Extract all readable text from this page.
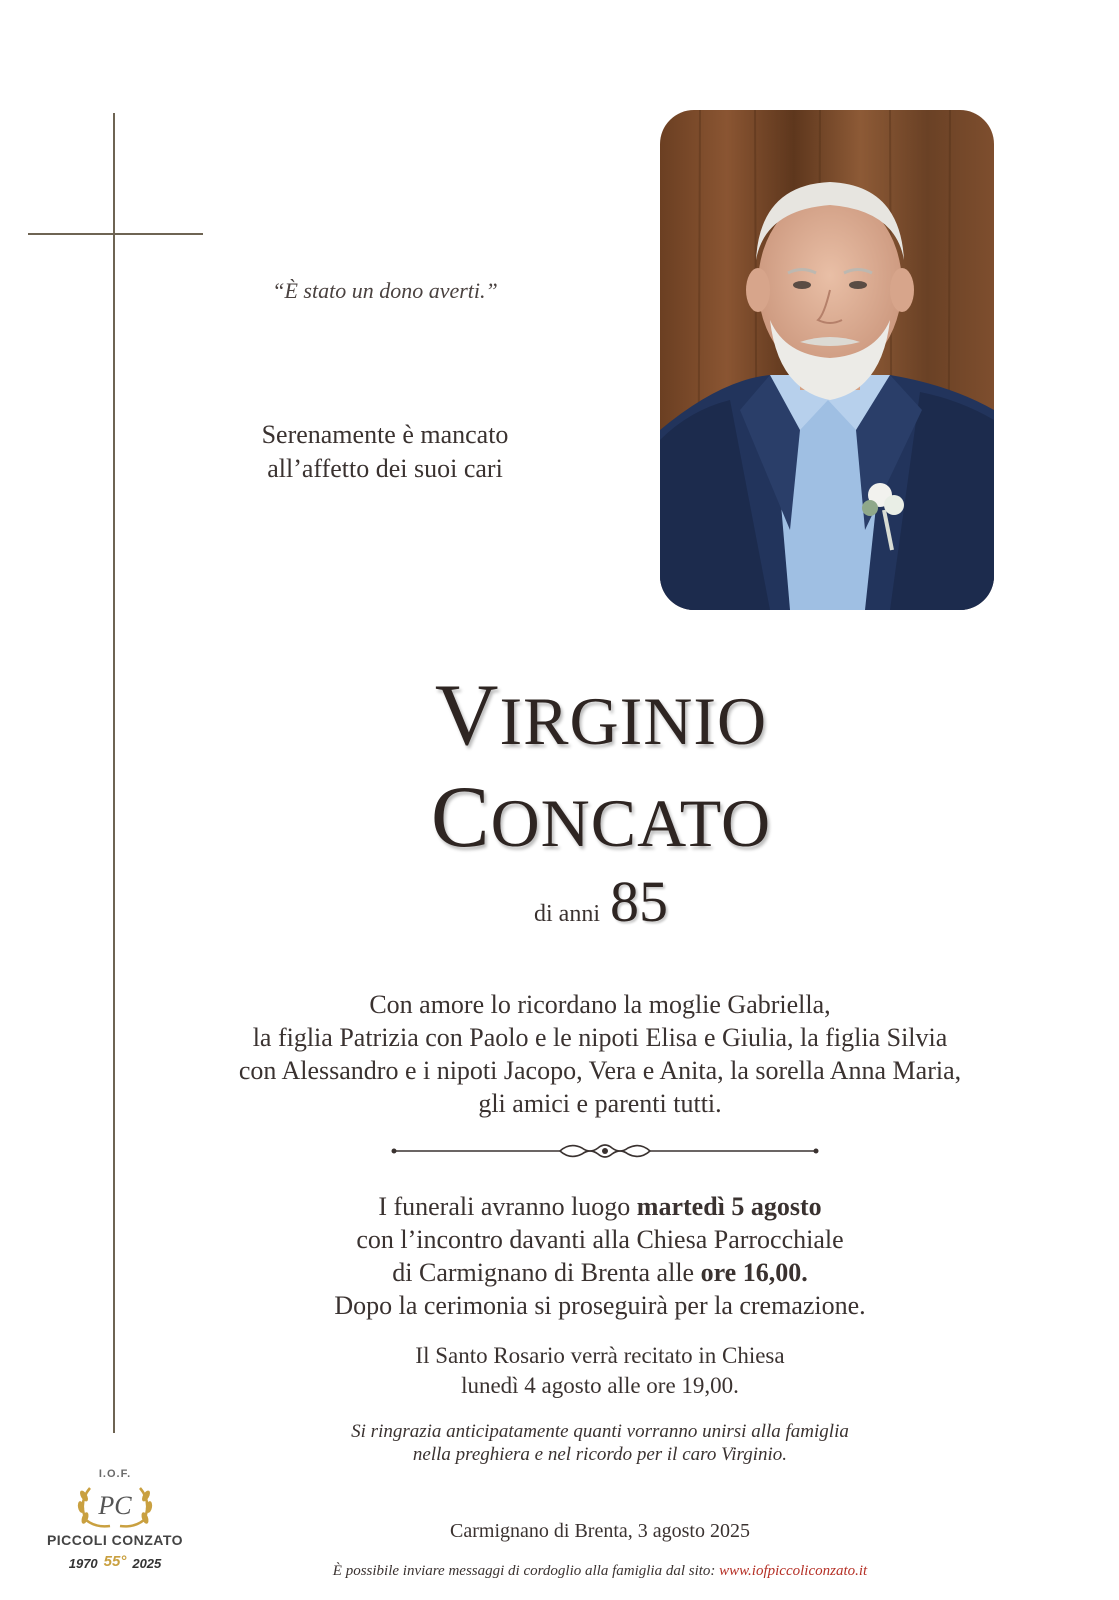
“È stato un dono averti.”
Serenamente è mancato
all’affetto dei suoi cari
VIRGINIO
CONCATO
di anni 85
Con amore lo ricordano la moglie Gabriella,
la figlia Patrizia con Paolo e le nipoti Elisa e Giulia, la figlia Silvia
con Alessandro e i nipoti Jacopo, Vera e Anita, la sorella Anna Maria,
gli amici e parenti tutti.
I funerali avranno luogo martedì 5 agosto
con l’incontro davanti alla Chiesa Parrocchiale
di Carmignano di Brenta alle ore 16,00.
Dopo la cerimonia si proseguirà per la cremazione.
Il Santo Rosario verrà recitato in Chiesa
lunedì 4 agosto alle ore 19,00.
Si ringrazia anticipatamente quanti vorranno unirsi alla famiglia
nella preghiera e nel ricordo per il caro Virginio.
Carmignano di Brenta, 3 agosto 2025
È possibile inviare messaggi di cordoglio alla famiglia dal sito: www.iofpiccoliconzato.it
I.O.F.
PC
PICCOLI CONZATO
1970 55° 2025
